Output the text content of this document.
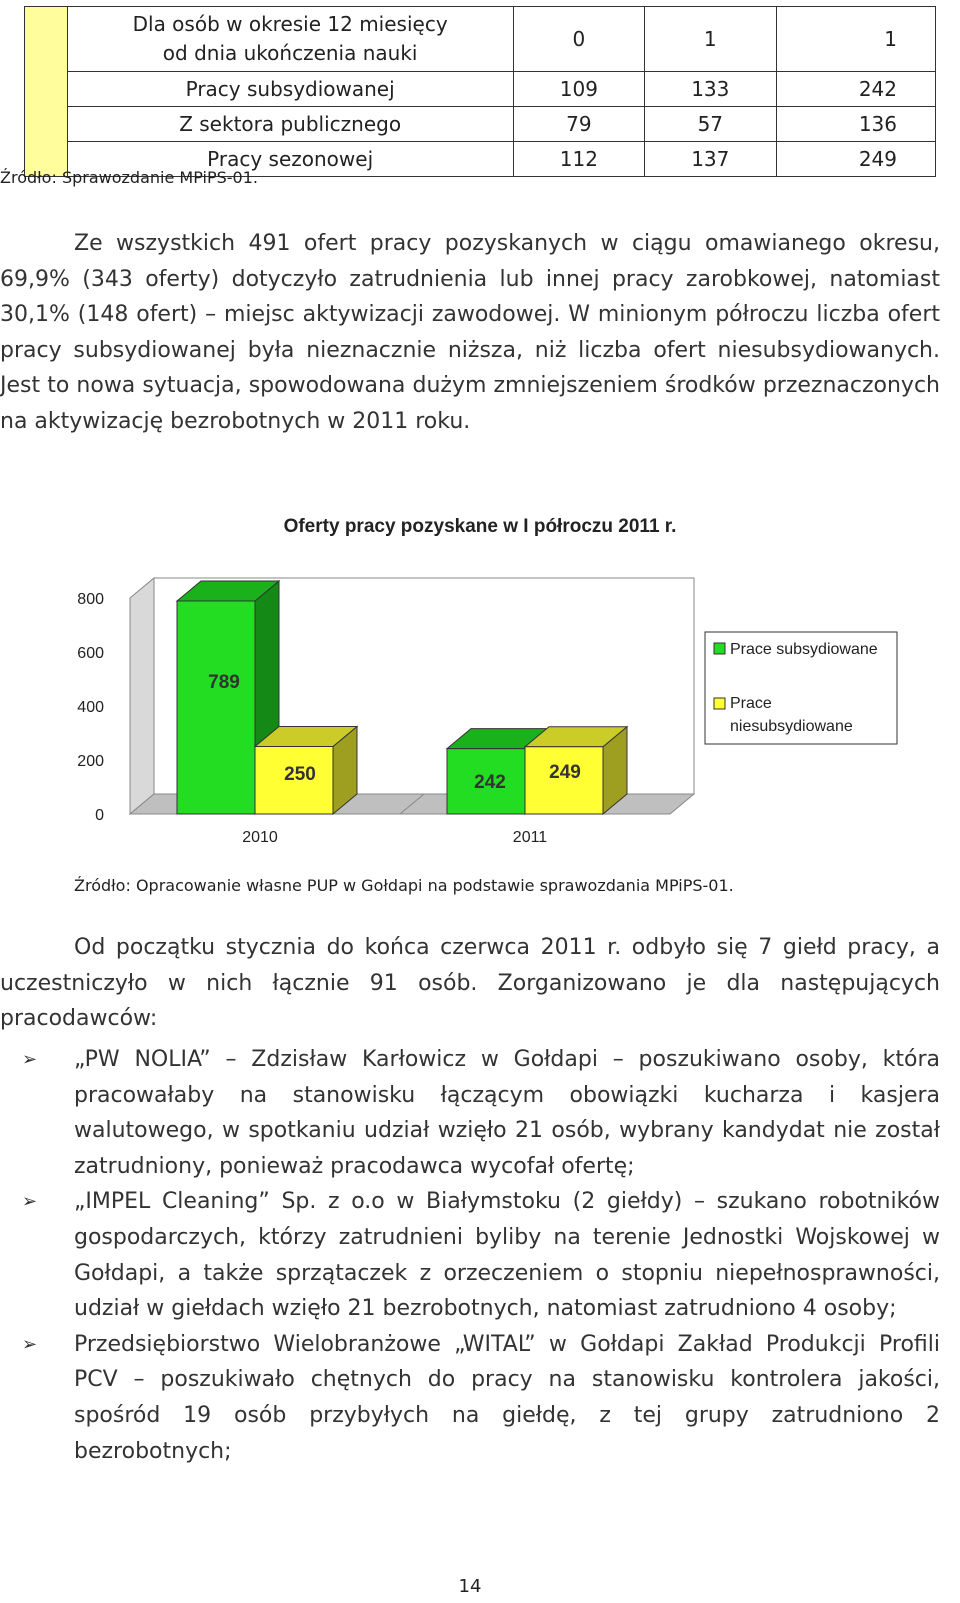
	Dla osób w okresie 12 miesięcy
od dnia ukończenia nauki	0	1	1
	Pracy subsydiowanej	109	133	242
	Z sektora publicznego	79	57	136
	Pracy sezonowej	112	137	249
Źródło: Sprawozdanie MPiPS-01.

Ze wszystkich 491 ofert pracy pozyskanych w ciągu omawianego okresu, 69,9% (343 oferty) dotyczyło zatrudnienia lub innej pracy zarobkowej, natomiast 30,1% (148 ofert) – miejsc aktywizacji zawodowej. W minionym półroczu liczba ofert pracy subsydiowanej była nieznacznie niższa, niż liczba ofert niesubsydiowanych. Jest to nowa sytuacja, spowodowana dużym zmniejszeniem środków przeznaczonych na aktywizację bezrobotnych w 2011 roku.

Oferty pracy pozyskane w I półroczu 2011 r.
0
200
400
600
800
789
250
2010
242 249
2011
Prace subsydiowane
Prace
niesubsydiowane
Źródło: Opracowanie własne PUP w Gołdapi na podstawie sprawozdania MPiPS-01.

Od początku stycznia do końca czerwca 2011 r. odbyło się 7 giełd pracy, a uczestniczyło w nich łącznie 91 osób. Zorganizowano je dla następujących pracodawców:

➢ „PW NOLIA” – Zdzisław Karłowicz w Gołdapi – poszukiwano osoby, która pracowałaby na stanowisku łączącym obowiązki kucharza i kasjera walutowego, w spotkaniu udział wzięło 21 osób, wybrany kandydat nie został zatrudniony, ponieważ pracodawca wycofał ofertę;
➢ „IMPEL Cleaning” Sp. z o.o w Białymstoku (2 giełdy) – szukano robotników gospodarczych, którzy zatrudnieni byliby na terenie Jednostki Wojskowej w Gołdapi, a także sprzątaczek z orzeczeniem o stopniu niepełnosprawności, udział w giełdach wzięło 21 bezrobotnych, natomiast zatrudniono 4 osoby;
➢ Przedsiębiorstwo Wielobranżowe „WITAL” w Gołdapi Zakład Produkcji Profili PCV – poszukiwało chętnych do pracy na stanowisku kontrolera jakości, spośród 19 osób przybyłych na giełdę, z tej grupy zatrudniono 2 bezrobotnych;
14
